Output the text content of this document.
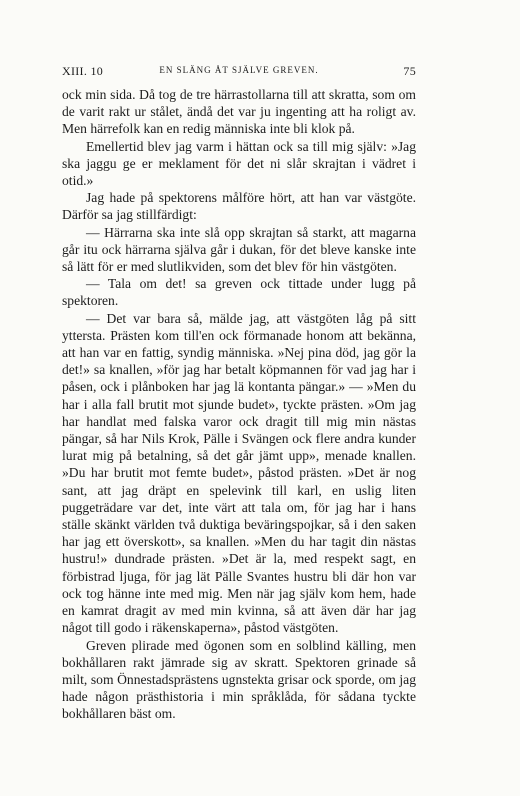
XIII. 10	EN SLÄNG ÅT SJÄLVE GREVEN.	75

ock min sida. Då tog de tre härrastollarna till att skratta, som om de varit rakt ur stålet, ändå det var ju ingenting att ha roligt av. Men härrefolk kan en redig människa inte bli klok på.

Emellertid blev jag varm i hättan ock sa till mig själv: »Jag ska jaggu ge er meklament för det ni slår skrajtan i vädret i otid.»

Jag hade på spektorens målföre hört, att han var västgöte. Därför sa jag stillfärdigt:

— Härrarna ska inte slå opp skrajtan så starkt, att magarna går itu ock härrarna själva går i dukan, för det bleve kanske inte så lätt för er med slutlikviden, som det blev för hin västgöten.

— Tala om det! sa greven ock tittade under lugg på spektoren.

— Det var bara så, mälde jag, att västgöten låg på sitt yttersta. Prästen kom till'en ock förmanade honom att bekänna, att han var en fattig, syndig människa. »Nej pina död, jag gör la det!» sa knallen, »för jag har betalt köpmannen för vad jag har i påsen, ock i plånboken har jag lä kontanta pängar.» — »Men du har i alla fall brutit mot sjunde budet», tyckte prästen. »Om jag har handlat med falska varor ock dragit till mig min nästas pängar, så har Nils Krok, Pälle i Svängen ock flere andra kunder lurat mig på betalning, så det går jämt upp», menade knallen. »Du har brutit mot femte budet», påstod prästen. »Det är nog sant, att jag dräpt en spelevink till karl, en uslig liten puggeträdare var det, inte värt att tala om, för jag har i hans ställe skänkt världen två duktiga beväringspojkar, så i den saken har jag ett överskott», sa knallen. »Men du har tagit din nästas hustru!» dundrade prästen. »Det är la, med respekt sagt, en förbistrad ljuga, för jag lät Pälle Svantes hustru bli där hon var ock tog hänne inte med mig. Men när jag själv kom hem, hade en kamrat dragit av med min kvinna, så att även där har jag något till godo i räkenskaperna», påstod västgöten.

Greven plirade med ögonen som en solblind källing, men bokhållaren rakt jämrade sig av skratt. Spektoren grinade så milt, som Önnestadsprästens ugnstekta grisar ock sporde, om jag hade någon prästhistoria i min språklåda, för sådana tyckte bokhållaren bäst om.
